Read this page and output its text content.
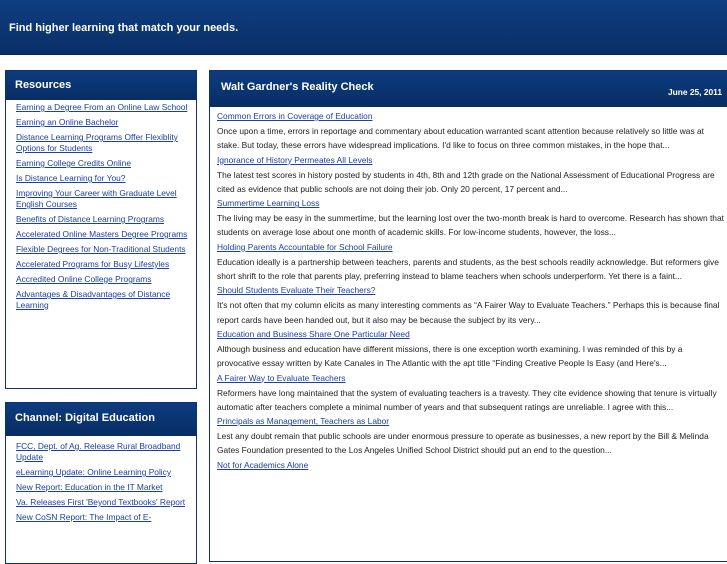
Find higher learning that match your needs.
Resources
Earning a Degree From an Online Law School
Earning an Online Bachelor
Distance Learning Programs Offer Flexiblity Options for Students
Earning College Credits Online
Is Distance Learning for You?
Improving Your Career with Graduate Level English Courses
Benefits of Distance Learning Programs
Accelerated Online Masters Degree Programs
Flexible Degrees for Non-Traditional Students
Accelerated Programs for Busy Lifestyles
Accredited Online College Programs
Advantages & Disadvantages of Distance Learning
Channel: Digital Education
FCC, Dept. of Ag. Release Rural Broadband Update
eLearning Update: Online Learning Policy
New Report: Education in the IT Market
Va. Releases First 'Beyond Textbooks' Report
New CoSN Report: The Impact of E-
Walt Gardner's Reality Check	June 25, 2011
Common Errors in Coverage of Education

Once upon a time, errors in reportage and commentary about education warranted scant attention because relatively so little was at stake. But today, these errors have widespread implications. I'd like to focus on three common mistakes, in the hope that...

Ignorance of History Permeates All Levels

The latest test scores in history posted by students in 4th, 8th and 12th grade on the National Assessment of Educational Progress are cited as evidence that public schools are not doing their job. Only 20 percent, 17 percent and...

Summertime Learning Loss

The living may be easy in the summertime, but the learning lost over the two-month break is hard to overcome. Research has shown that students on average lose about one month of academic skills. For low-income students, however, the loss...

Holding Parents Accountable for School Failure

Education ideally is a partnership between teachers, parents and students, as the best schools readily acknowledge. But reformers give short shrift to the role that parents play, preferring instead to blame teachers when schools underperform. Yet there is a faint...

Should Students Evaluate Their Teachers?

It's not often that my column elicits as many interesting comments as “A Fairer Way to Evaluate Teachers.” Perhaps this is because final report cards have been handed out, but it also may be because the subject by its very...

Education and Business Share One Particular Need

Although business and education have different missions, there is one exception worth examining. I was reminded of this by a provocative essay written by Kate Canales in The Atlantic with the apt title “Finding Creative People Is Easy (and Here's...

A Fairer Way to Evaluate Teachers

Reformers have long maintained that the system of evaluating teachers is a travesty. They cite evidence showing that tenure is virtually automatic after teachers complete a minimal number of years and that subsequent ratings are unreliable. I agree with this...

Principals as Management, Teachers as Labor

Lest any doubt remain that public schools are under enormous pressure to operate as businesses, a new report by the Bill & Melinda Gates Foundation presented to the Los Angeles Unified School District should put an end to the question...

Not for Academics Alone
